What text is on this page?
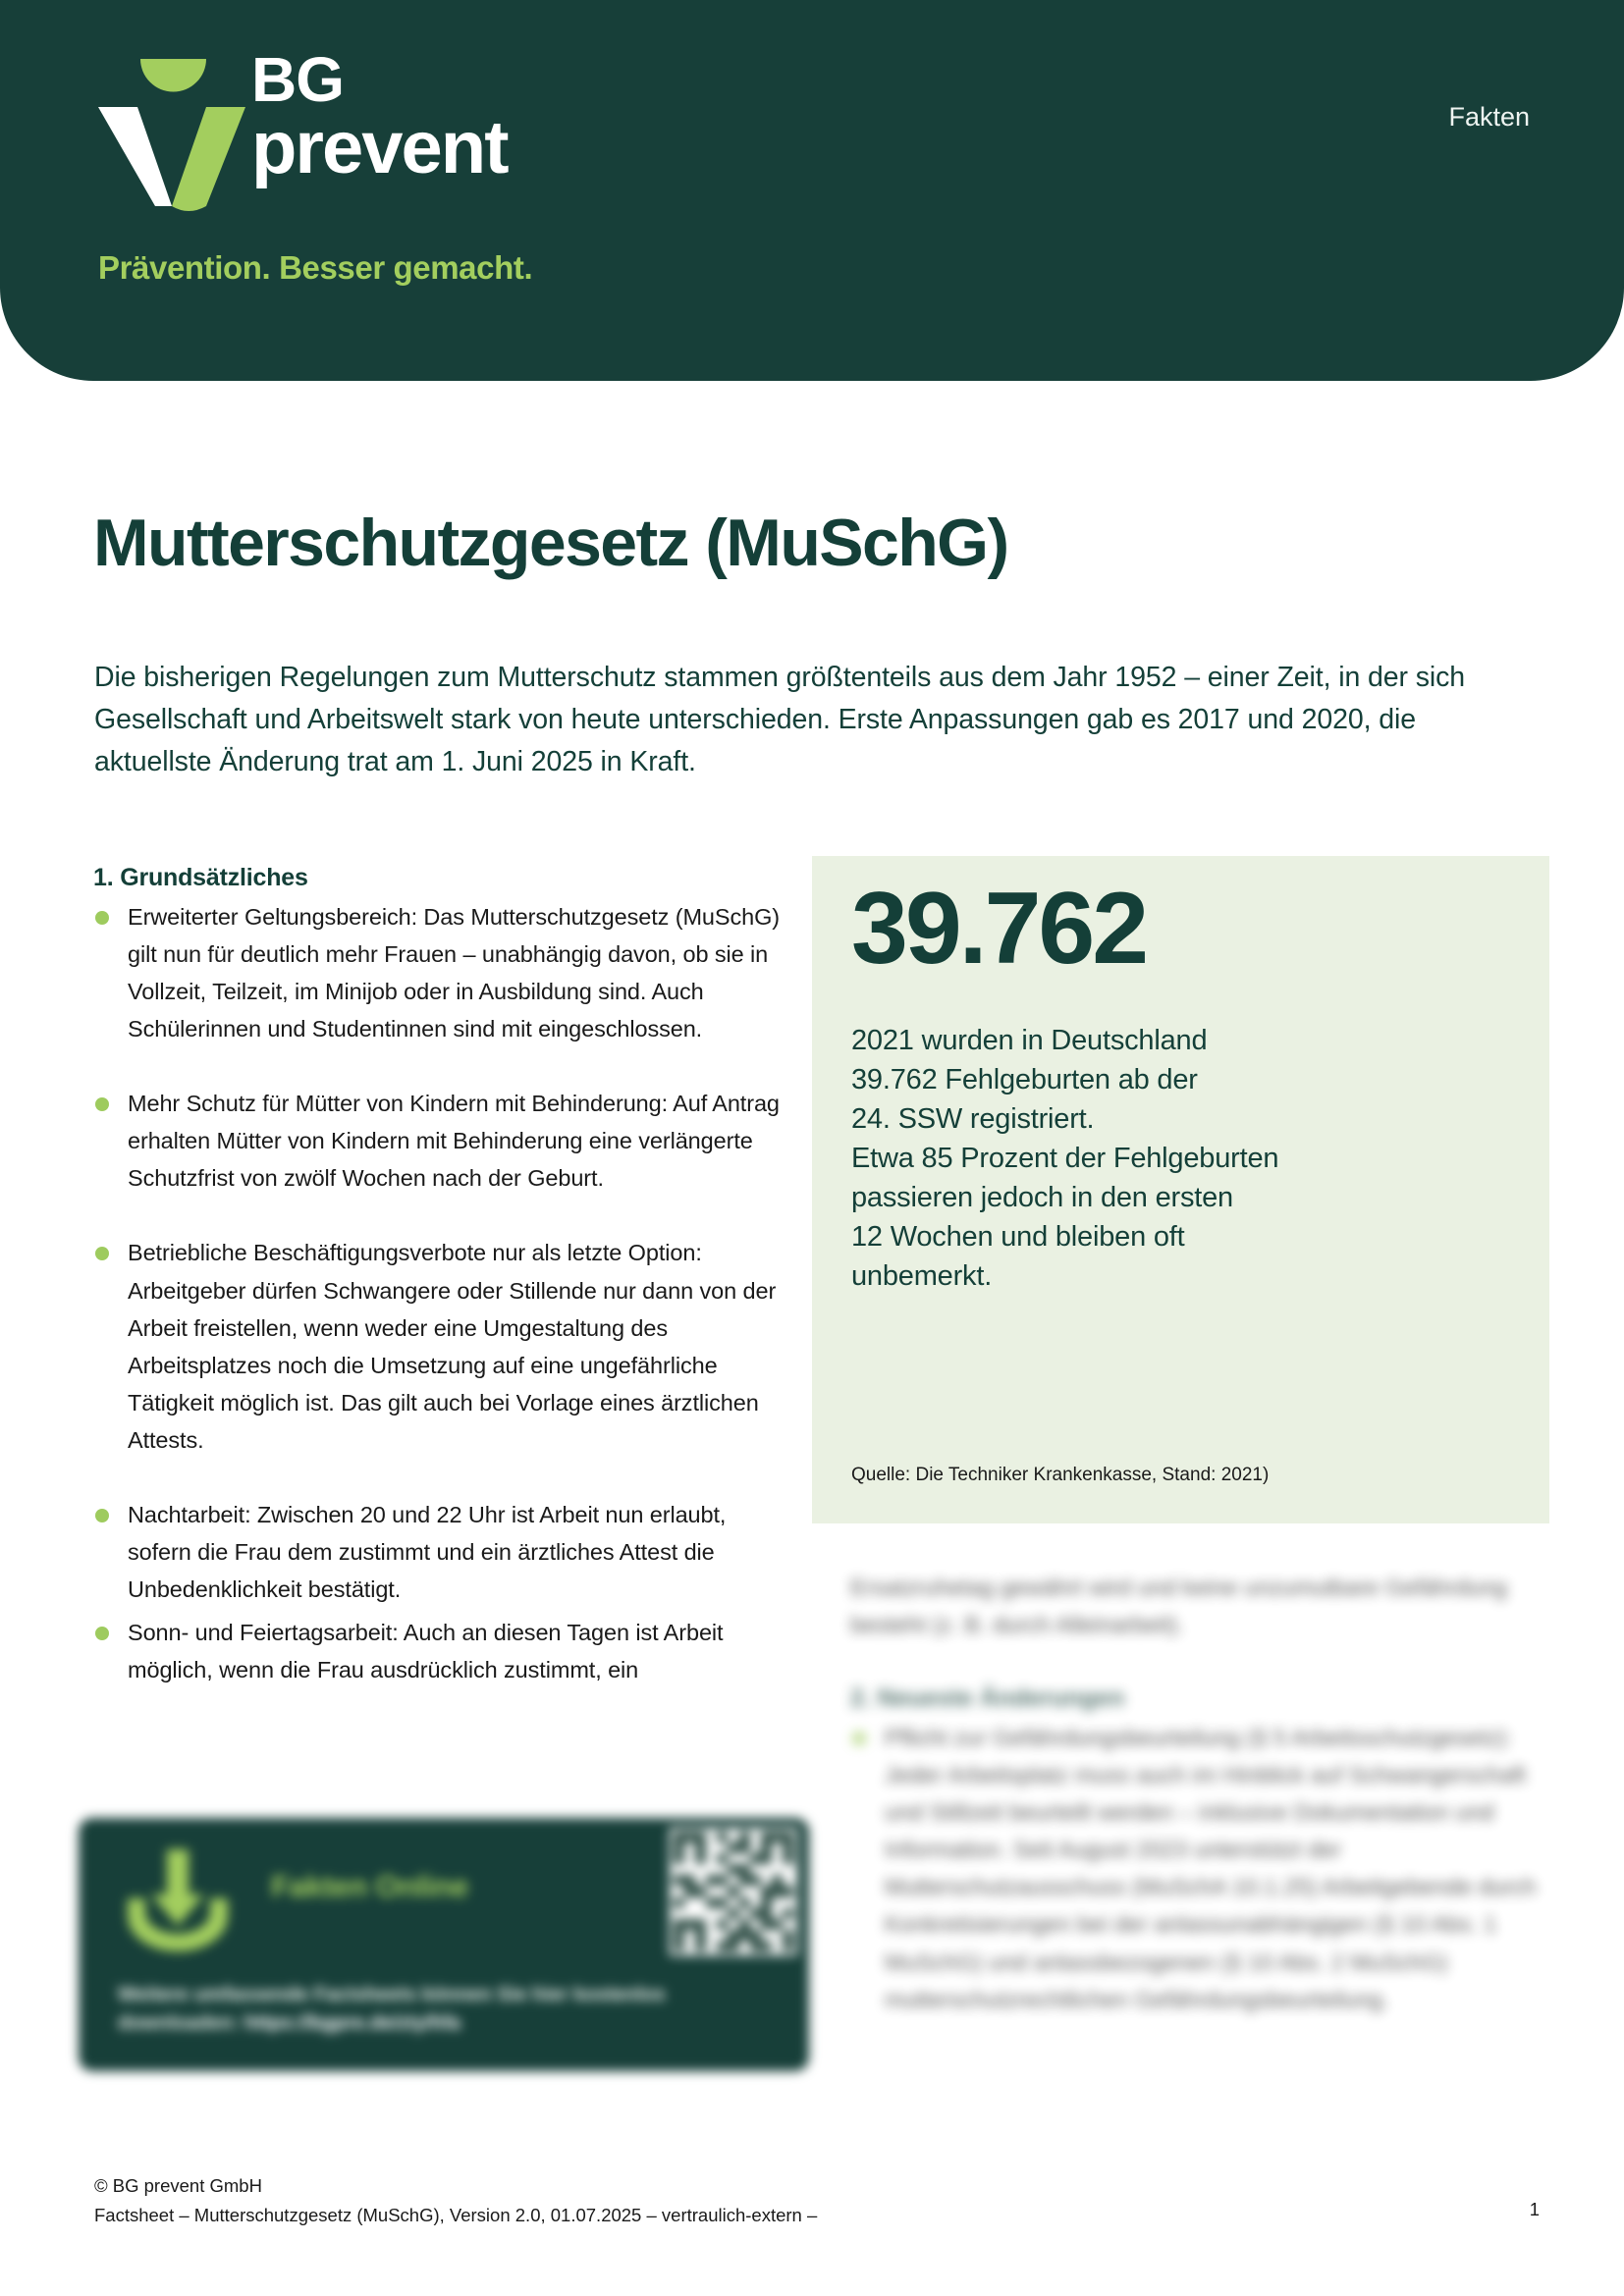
BG
prevent
Prävention. Besser gemacht.
Fakten
Mutterschutzgesetz (MuSchG)

Die bisherigen Regelungen zum Mutterschutz stammen größtenteils aus dem Jahr 1952 – einer Zeit, in der sich Gesellschaft und Arbeitswelt stark von heute unterschieden. Erste Anpassungen gab es 2017 und 2020, die aktuellste Änderung trat am 1. Juni 2025 in Kraft.

1. Grundsätzliches
Erweiterter Geltungsbereich: Das Mutterschutzgesetz (MuSchG) gilt nun für deutlich mehr Frauen – unabhängig davon, ob sie in Vollzeit, Teilzeit, im Minijob oder in Ausbildung sind. Auch Schülerinnen und Studentinnen sind mit eingeschlossen.
Mehr Schutz für Mütter von Kindern mit Behinderung: Auf Antrag erhalten Mütter von Kindern mit Behinderung eine verlängerte Schutzfrist von zwölf Wochen nach der Geburt.
Betriebliche Beschäftigungsverbote nur als letzte Option: Arbeitgeber dürfen Schwangere oder Stillende nur dann von der Arbeit freistellen, wenn weder eine Umgestaltung des Arbeitsplatzes noch die Umsetzung auf eine ungefährliche Tätigkeit möglich ist. Das gilt auch bei Vorlage eines ärztlichen Attests.
Nachtarbeit: Zwischen 20 und 22 Uhr ist Arbeit nun erlaubt, sofern die Frau dem zustimmt und ein ärztliches Attest die Unbedenklichkeit bestätigt.
Sonn- und Feiertagsarbeit: Auch an diesen Tagen ist Arbeit möglich, wenn die Frau ausdrücklich zustimmt, ein
39.762
2021 wurden in Deutschland
39.762 Fehlgeburten ab der
24. SSW registriert.
Etwa 85 Prozent der Fehlgeburten
passieren jedoch in den ersten
12 Wochen und bleiben oft
unbemerkt.
Quelle: Die Techniker Krankenkasse, Stand: 2021)

Ersatzruhetag gewährt wird und keine unzumutbare Gefährdung besteht (z. B. durch Alleinarbeit).

2. Neueste Änderungen
Pflicht zur Gefährdungsbeurteilung (§ 5 Arbeitsschutzgesetz): Jeder Arbeitsplatz muss auch im Hinblick auf Schwangerschaft und Stillzeit beurteilt werden – inklusive Dokumentation und Information. Seit August 2023 unterstützt der Mutterschutzausschuss (MuSchA 10.1.25) Arbeitgebende durch Konkretisierungen bei der anlassunabhängigen (§ 10 Abs. 1 MuSchG) und anlassbezogenen (§ 10 Abs. 2 MuSchG) mutterschutzrechtlichen Gefährdungsbeurteilung.
Fakten Online
Weitere umfassende Factsheets können Sie hier kostenlos downloaden: https://bgpre.de/zty/hfa
© BG prevent GmbH
Factsheet – Mutterschutzgesetz (MuSchG), Version 2.0, 01.07.2025 – vertraulich-extern –	1
